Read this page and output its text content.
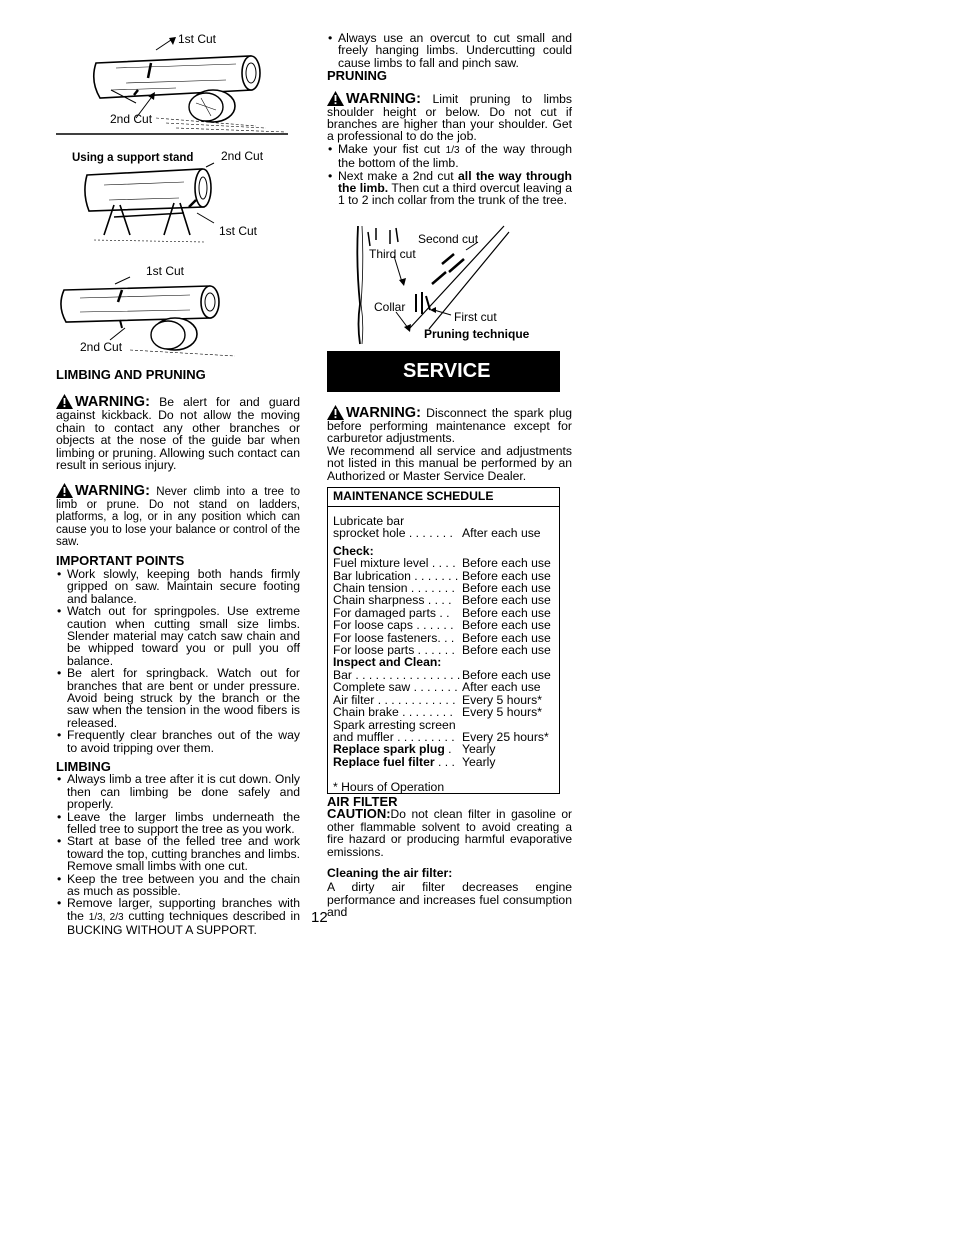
1st Cut
2nd Cut
Using a support stand 2nd Cut
1st Cut
1st Cut
2nd Cut

LIMBING AND PRUNING

WARNING: Be alert for and guard against kickback. Do not allow the moving chain to contact any other branches or objects at the nose of the guide bar when limbing or pruning. Allowing such contact can result in serious injury.

WARNING: Never climb into a tree to limb or prune. Do not stand on ladders, platforms, a log, or in any position which can cause you to lose your balance or control of the saw.

IMPORTANT POINTS

• Work slowly, keeping both hands firmly gripped on saw. Maintain secure footing and balance.
• Watch out for springpoles. Use extreme caution when cutting small size limbs. Slender material may catch saw chain and be whipped toward you or pull you off balance.
• Be alert for springback. Watch out for branches that are bent or under pressure. Avoid being struck by the branch or the saw when the tension in the wood fibers is released.
• Frequently clear branches out of the way to avoid tripping over them.

LIMBING

• Always limb a tree after it is cut down. Only then can limbing be done safely and properly.
• Leave the larger limbs underneath the felled tree to support the tree as you work.
• Start at base of the felled tree and work toward the top, cutting branches and limbs. Remove small limbs with one cut.
• Keep the tree between you and the chain as much as possible.
• Remove larger, supporting branches with the 1/3, 2/3 cutting techniques described in BUCKING WITHOUT A SUPPORT.
• Always use an overcut to cut small and freely hanging limbs. Undercutting could cause limbs to fall and pinch saw.

PRUNING

WARNING: Limit pruning to limbs shoulder height or below. Do not cut if branches are higher than your shoulder. Get a professional to do the job.

• Make your fist cut 1/3 of the way through the bottom of the limb.
• Next make a 2nd cut all the way through the limb. Then cut a third overcut leaving a 1 to 2 inch collar from the trunk of the tree.
Second cut
Third cut
Collar
First cut
Pruning technique
SERVICE

WARNING: Disconnect the spark plug before performing maintenance except for carburetor adjustments.

We recommend all service and adjustments not listed in this manual be performed by an Authorized or Master Service Dealer.

MAINTENANCE SCHEDULE
Lubricate bar
sprocket hole . . . . . . . After each use
Check:
Fuel mixture level . . . . Before each use
Bar lubrication . . . . . . . Before each use
Chain tension . . . . . . . Before each use
Chain sharpness . . . . Before each use
For damaged parts . .	Before each use
For loose caps . . . . . . Before each use
For loose fasteners. . . Before each use
For loose parts . . . . . . Before each use
Inspect and Clean:
Bar . . . . . . . . . . . . . . . . Before each use
Complete saw . . . . . . . After each use
Air filter . . . . . . . . . . . . Every 5 hours*
Chain brake . . . . . . . . Every 5 hours*
Spark arresting screen
and muffler . . . . . . . . . Every 25 hours*
Replace spark plug . Yearly
Replace fuel filter . . . Yearly
* Hours of Operation

AIR FILTER

CAUTION:Do not clean filter in gasoline or other flammable solvent to avoid creating a fire hazard or producing harmful evaporative emissions.

Cleaning the air filter:

A dirty air filter decreases engine performance and increases fuel consumption and

12
